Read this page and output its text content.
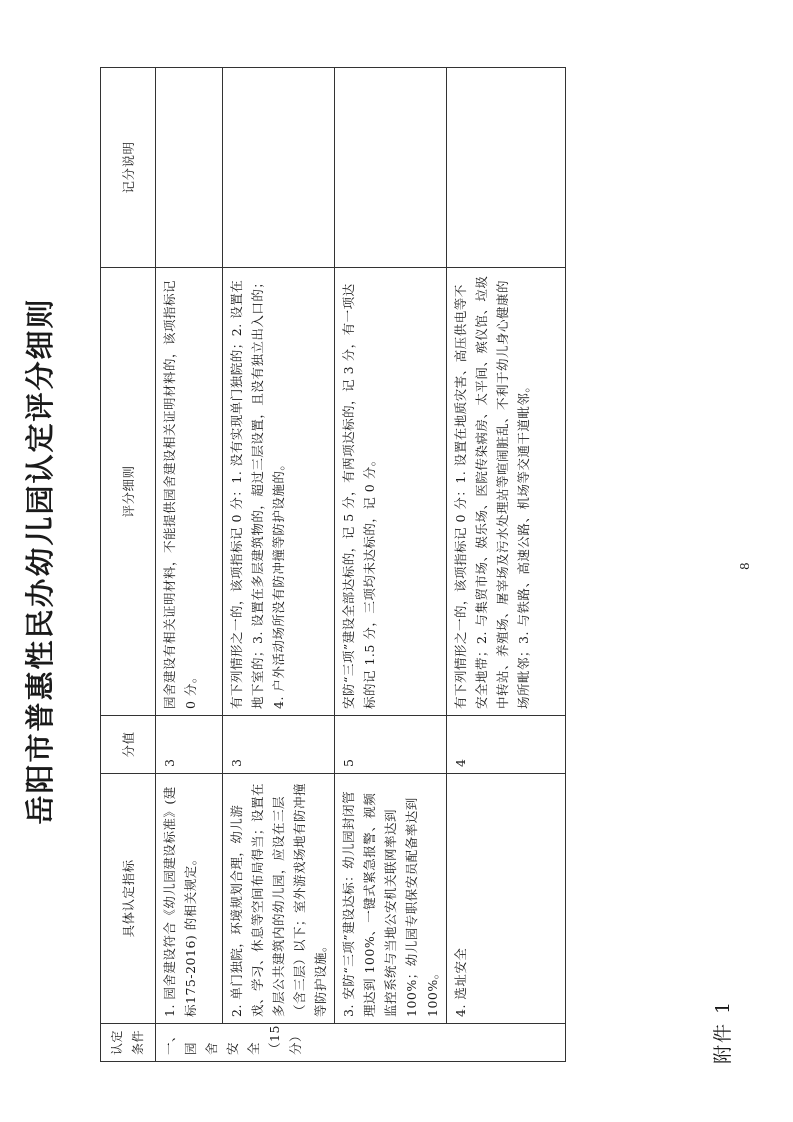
附件 1
岳阳市普惠性民办幼儿园认定评分细则
认定条件	具体认定指标	分值	评分细则	记分说明
一、园舍安全（15分）	1. 园舍建设符合《幼儿园建设标准》(建标175-2016) 的相关规定。	3	园舍建设有相关证明材料，不能提供园舍建设相关证明材料的，该项指标记 0 分。	
	2. 单门独院，环境规划合理，幼儿游戏、学习、休息等空间布局得当；设置在多层公共建筑内的幼儿园，应设在三层（含三层）以下；室外游戏场地有防冲撞等防护设施。	3	有下列情形之一的，该项指标记 0 分：1. 没有实现单门独院的；2. 设置在地下室的；3. 设置在多层建筑物的，超过三层设置，且没有独立出入口的；4. 户外活动场所没有防冲撞等防护设施的。	
	3. 安防“三项”建设达标：幼儿园封闭管理达到 100%、一键式紧急报警、视频监控系统与当地公安机关联网率达到 100%；幼儿园专职保安员配备率达到 100%。	5	安防“三项”建设全部达标的，记 5 分，有两项达标的，记 3 分，有一项达标的记 1.5 分，三项均未达标的，记 0 分。	
	4. 选址安全	4	有下列情形之一的，该项指标记 0 分：1. 设置在地质灾害、高压供电等不安全地带；2. 与集贸市场、娱乐场、医院传染病房、太平间、殡仪馆、垃圾中转站、养殖场、屠宰场及污水处理站等喧闹脏乱、不利于幼儿身心健康的场所毗邻；3. 与铁路、高速公路、机场等交通干道毗邻。		8
